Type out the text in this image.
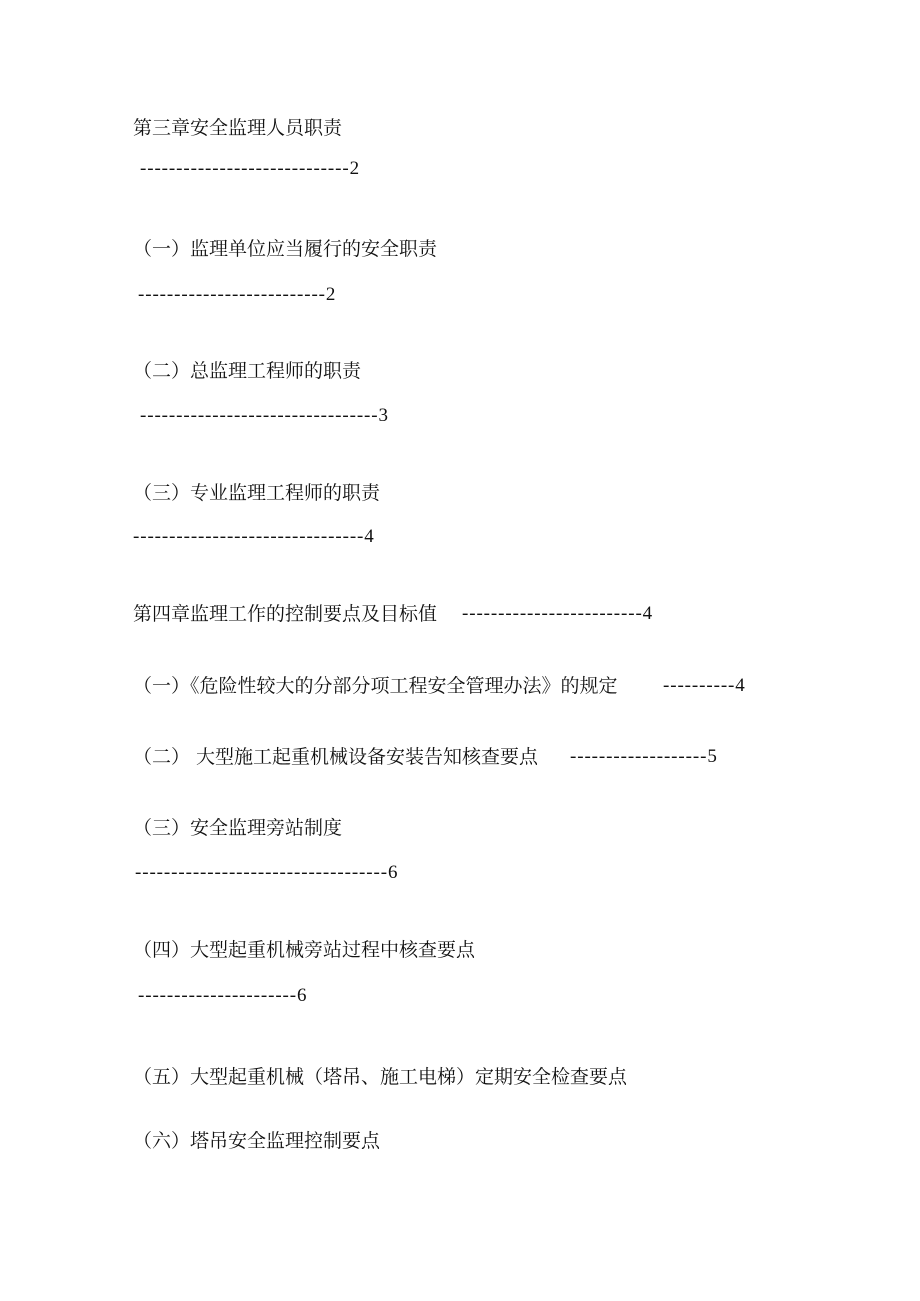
第三章安全监理人员职责
-----------------------------2
（一）监理单位应当履行的安全职责
--------------------------2
（二）总监理工程师的职责
---------------------------------3
（三）专业监理工程师的职责
--------------------------------4
第四章监理工作的控制要点及目标值 -------------------------4
（一）《危险性较大的分部分项工程安全管理办法》的规定 ----------4
（二） 大型施工起重机械设备安装告知核查要点 -------------------5
（三）安全监理旁站制度
-----------------------------------6
（四）大型起重机械旁站过程中核查要点
----------------------6
（五）大型起重机械（塔吊、施工电梯）定期安全检查要点
（六）塔吊安全监理控制要点
